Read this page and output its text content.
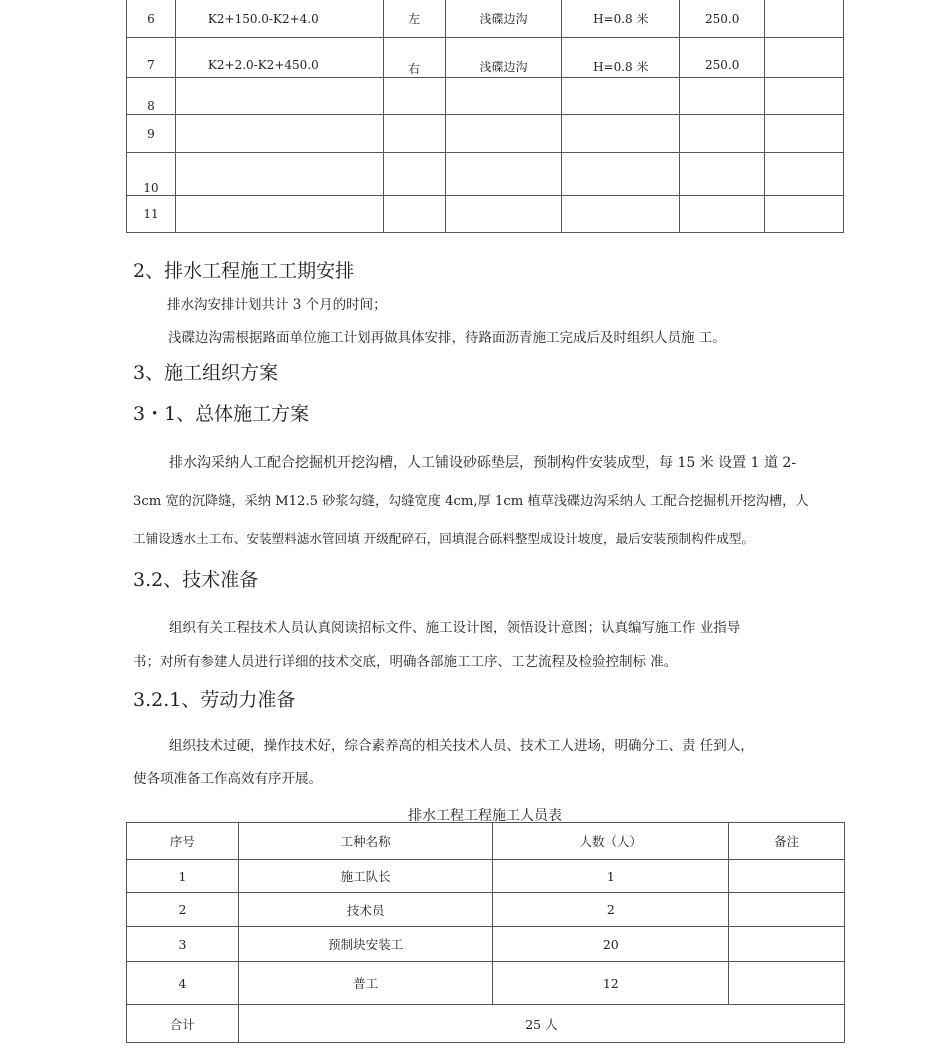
6	K2+150.0-K2+4.0	左	浅碟边沟	H=0.8 米	250.0	
7	K2+2.0-K2+450.0	右	浅碟边沟	H=0.8 米	250.0	
8						
9						
10						
11						
2、排水工程施工工期安排

排水沟安排计划共计 3 个月的时间；

浅碟边沟需根据路面单位施工计划再做具体安排，待路面沥青施工完成后及时组织人员施 工。

3、施工组织方案
3・1、总体施工方案
排水沟采纳人工配合挖掘机开挖沟槽，人工铺设砂砾垫层，预制构件安装成型，每 15 米 设置 1 道 2-
3cm 宽的沉降缝，采纳 M12.5 砂浆勾缝，勾缝宽度 4cm,厚 1cm 植草浅碟边沟采纳人 工配合挖掘机开挖沟槽，人
工铺设透水土工布、安装塑料滤水管回填 开级配碎石，回填混合砾料整型成设计坡度，最后安装预制构件成型。
3.2、技术准备
组织有关工程技术人员认真阅读招标文件、施工设计图，领悟设计意图；认真编写施工作 业指导
书；对所有参建人员进行详细的技术交底，明确各部施工工序、工艺流程及检验控制标 准。
3.2.1、劳动力准备
组织技术过硬，操作技术好，综合素养高的相关技术人员、技术工人进场，明确分工、责 任到人，
使各项准备工作高效有序开展。

排水工程工程施工人员表

序号	工种名称	人数（人）	备注
1	施工队长	1	
2	技术员	2	
3	预制块安装工	20	
4	普工	12	
合计	25 人		
